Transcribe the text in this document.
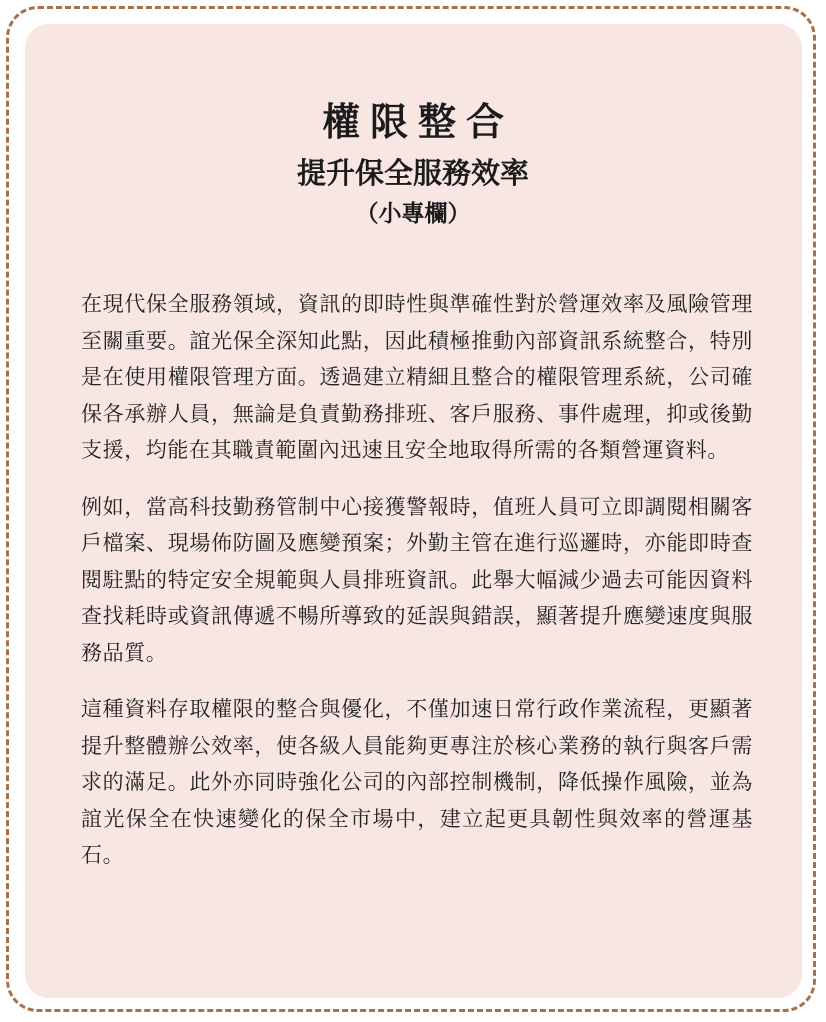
權限整合
提升保全服務效率
（小專欄）

在現代保全服務領域，資訊的即時性與準確性對於營運效率及風險管理至關重要。誼光保全深知此點，因此積極推動內部資訊系統整合，特別是在使用權限管理方面。透過建立精細且整合的權限管理系統，公司確保各承辦人員，無論是負責勤務排班、客戶服務、事件處理，抑或後勤支援，均能在其職責範圍內迅速且安全地取得所需的各類營運資料。

例如，當高科技勤務管制中心接獲警報時，值班人員可立即調閱相關客戶檔案、現場佈防圖及應變預案；外勤主管在進行巡邏時，亦能即時查閱駐點的特定安全規範與人員排班資訊。此舉大幅減少過去可能因資料查找耗時或資訊傳遞不暢所導致的延誤與錯誤，顯著提升應變速度與服務品質。

這種資料存取權限的整合與優化，不僅加速日常行政作業流程，更顯著提升整體辦公效率，使各級人員能夠更專注於核心業務的執行與客戶需求的滿足。此外亦同時強化公司的內部控制機制，降低操作風險，並為誼光保全在快速變化的保全市場中，建立起更具韌性與效率的營運基石。
